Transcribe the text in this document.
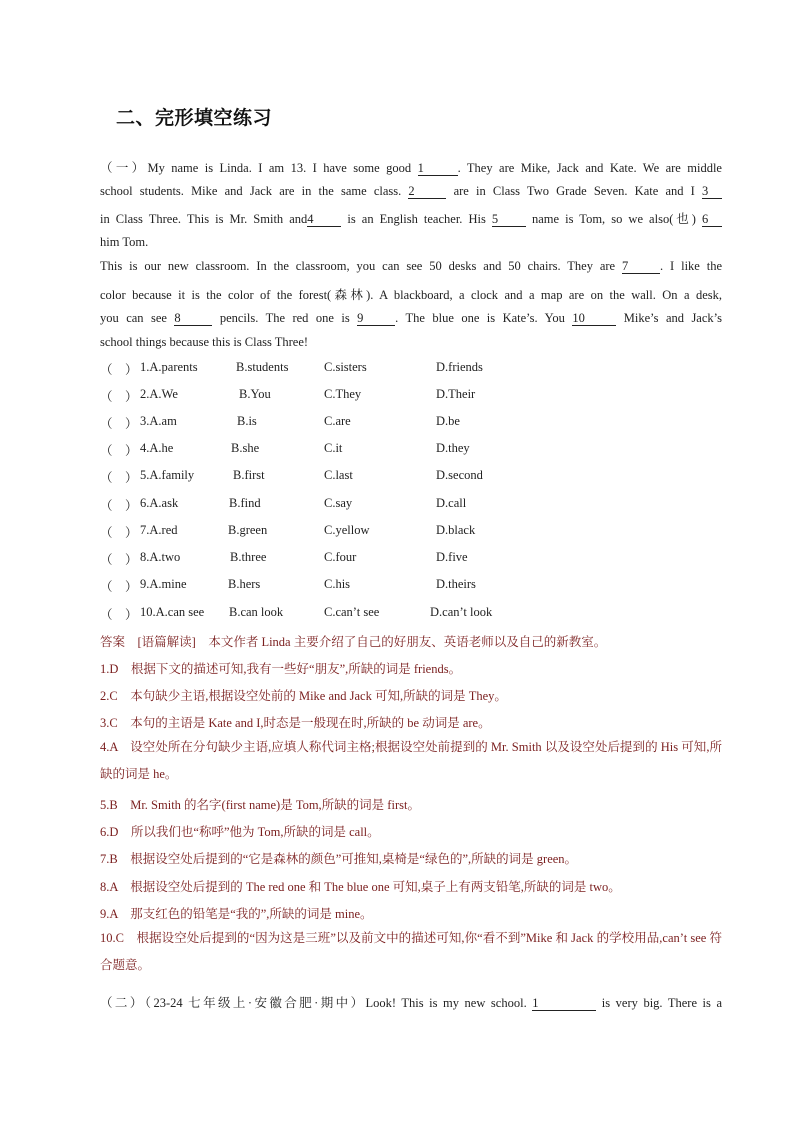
二、完形填空练习
（一）My name is Linda. I am 13. I have some good 1	. They are Mike, Jack and Kate. We are middle
school students. Mike and Jack are in the same class. 2	are in Class Two Grade Seven. Kate and I 3
in Class Three. This is Mr. Smith and4 is an English teacher. His 5 name is Tom, so we also(也) 6
him Tom.
This is our new classroom. In the classroom, you can see 50 desks and 50 chairs. They are 7	. I like the
color because it is the color of the forest(森林). A blackboard, a clock and a map are on the wall. On a desk,
you can see 8	pencils. The red one is 9	. The blue one is Kate’s. You 10	Mike’s and Jack’s
school things because this is Class Three!
（　） 1.A.parents	B.students	C.sisters	D.friends
（　） 2.A.We	B.You	C.They	D.Their
（　） 3.A.am	B.is	C.are	D.be
（　） 4.A.he	B.she	C.it	D.they
（　） 5.A.family	B.first	C.last	D.second
（　） 6.A.ask	B.find	C.say	D.call
（　） 7.A.red	B.green	C.yellow	D.black
（　） 8.A.two	B.three	C.four	D.five
（　） 9.A.mine	B.hers	C.his	D.theirs
（　） 10.A.can see B.can look	C.can’t see	D.can’t look
答案　[语篇解读]　本文作者 Linda 主要介绍了自己的好朋友、英语老师以及自己的新教室。
1.D　根据下文的描述可知,我有一些好“朋友”,所缺的词是 friends。
2.C　本句缺少主语,根据设空处前的 Mike and Jack 可知,所缺的词是 They。
3.C　本句的主语是 Kate and I,时态是一般现在时,所缺的 be 动词是 are。
4.A　设空处所在分句缺少主语,应填人称代词主格;根据设空处前提到的 Mr. Smith 以及设空处后提到的 His 可知,所缺的词是 he。
5.B　Mr. Smith 的名字(first name)是 Tom,所缺的词是 first。
6.D　所以我们也“称呼”他为 Tom,所缺的词是 call。
7.B　根据设空处后提到的“它是森林的颜色”可推知,桌椅是“绿色的”,所缺的词是 green。
8.A　根据设空处后提到的 The red one 和 The blue one 可知,桌子上有两支铅笔,所缺的词是 two。
9.A　那支红色的铅笔是“我的”,所缺的词是 mine。
10.C　根据设空处后提到的“因为这是三班”以及前文中的描述可知,你“看不到”Mike 和 Jack 的学校用品,can’t see 符合题意。
（二）（23-24 七年级上·安徽合肥·期中）Look! This is my new school. 1	is very big. There is a
